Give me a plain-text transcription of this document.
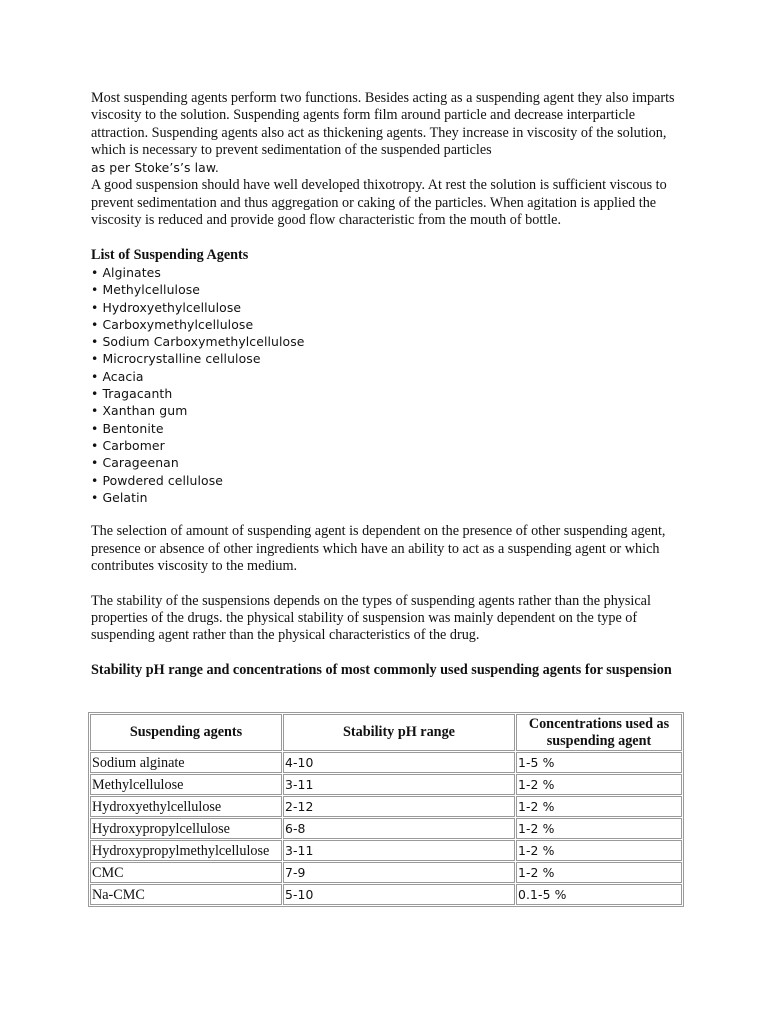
Most suspending agents perform two functions. Besides acting as a suspending agent they also imparts viscosity to the solution. Suspending agents form film around particle and decrease interparticle attraction. Suspending agents also act as thickening agents. They increase in viscosity of the solution, which is necessary to prevent sedimentation of the suspended particles
as per Stoke’s’s law.

A good suspension should have well developed thixotropy. At rest the solution is sufficient viscous to prevent sedimentation and thus aggregation or caking of the particles. When agitation is applied the viscosity is reduced and provide good flow characteristic from the mouth of bottle.

List of Suspending Agents

• Alginates
• Methylcellulose
• Hydroxyethylcellulose
• Carboxymethylcellulose
• Sodium Carboxymethylcellulose
• Microcrystalline cellulose
• Acacia
• Tragacanth
• Xanthan gum
• Bentonite
• Carbomer
• Carageenan
• Powdered cellulose
• Gelatin

The selection of amount of suspending agent is dependent on the presence of other suspending agent, presence or absence of other ingredients which have an ability to act as a suspending agent or which contributes viscosity to the medium.

The stability of the suspensions depends on the types of suspending agents rather than the physical properties of the drugs. the physical stability of suspension was mainly dependent on the type of suspending agent rather than the physical characteristics of the drug.

Stability pH range and concentrations of most commonly used suspending agents for suspension

Suspending agents	Stability pH range	Concentrations used as suspending agent
Sodium alginate	4-10	1-5 %
Methylcellulose	3-11	1-2 %
Hydroxyethylcellulose	2-12	1-2 %
Hydroxypropylcellulose	6-8	1-2 %
Hydroxypropylmethylcellulose	3-11	1-2 %
CMC	7-9	1-2 %
Na-CMC	5-10	0.1-5 %
